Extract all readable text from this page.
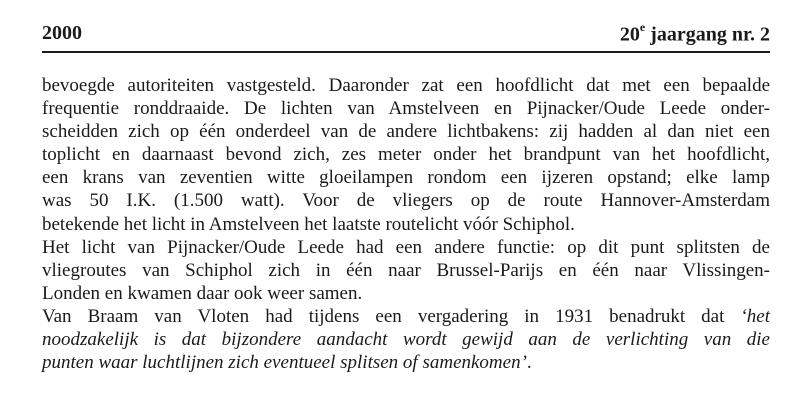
2000	20e jaargang nr. 2
bevoegde autoriteiten vastgesteld. Daaronder zat een hoofdlicht dat met een bepaalde
frequentie ronddraaide. De lichten van Amstelveen en Pijnacker/Oude Leede onder-
scheidden zich op één onderdeel van de andere lichtbakens: zij hadden al dan niet een
toplicht en daarnaast bevond zich, zes meter onder het brandpunt van het hoofdlicht,
een krans van zeventien witte gloeilampen rondom een ijzeren opstand; elke lamp
was 50 I.K. (1.500 watt). Voor de vliegers op de route Hannover-Amsterdam
betekende het licht in Amstelveen het laatste routelicht vóór Schiphol.
Het licht van Pijnacker/Oude Leede had een andere functie: op dit punt splitsten de
vliegroutes van Schiphol zich in één naar Brussel-Parijs en één naar Vlissingen-
Londen en kwamen daar ook weer samen.
Van Braam van Vloten had tijdens een vergadering in 1931 benadrukt dat ‘het
noodzakelijk is dat bijzondere aandacht wordt gewijd aan de verlichting van die
punten waar luchtlijnen zich eventueel splitsen of samenkomen’.
